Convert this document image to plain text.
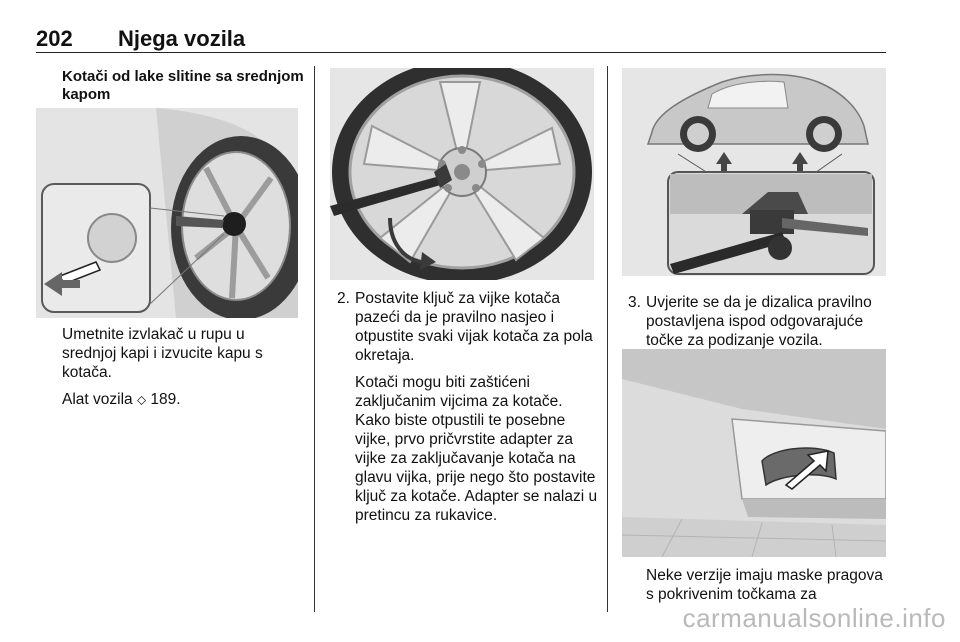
202 Njega vozila
Kotači od lake slitine sa srednjom kapom
Umetnite izvlakač u rupu u srednjoj kapi i izvucite kapu s kotača.
Alat vozila ⬦ 189.
2. Postavite ključ za vijke kotača pazeći da je pravilno nasjeo i otpustite svaki vijak kotača za pola okretaja.
Kotači mogu biti zaštićeni zaključanim vijcima za kotače. Kako biste otpustili te posebne vijke, prvo pričvrstite adapter za vijke za zaključavanje kotača na glavu vijka, prije nego što postavite ključ za kotače. Adapter se nalazi u pretincu za rukavice.
3. Uvjerite se da je dizalica pravilno postavljena ispod odgovarajuće točke za podizanje vozila.
Neke verzije imaju maske pragova s pokrivenim točkama za
carmanualsonline.info
